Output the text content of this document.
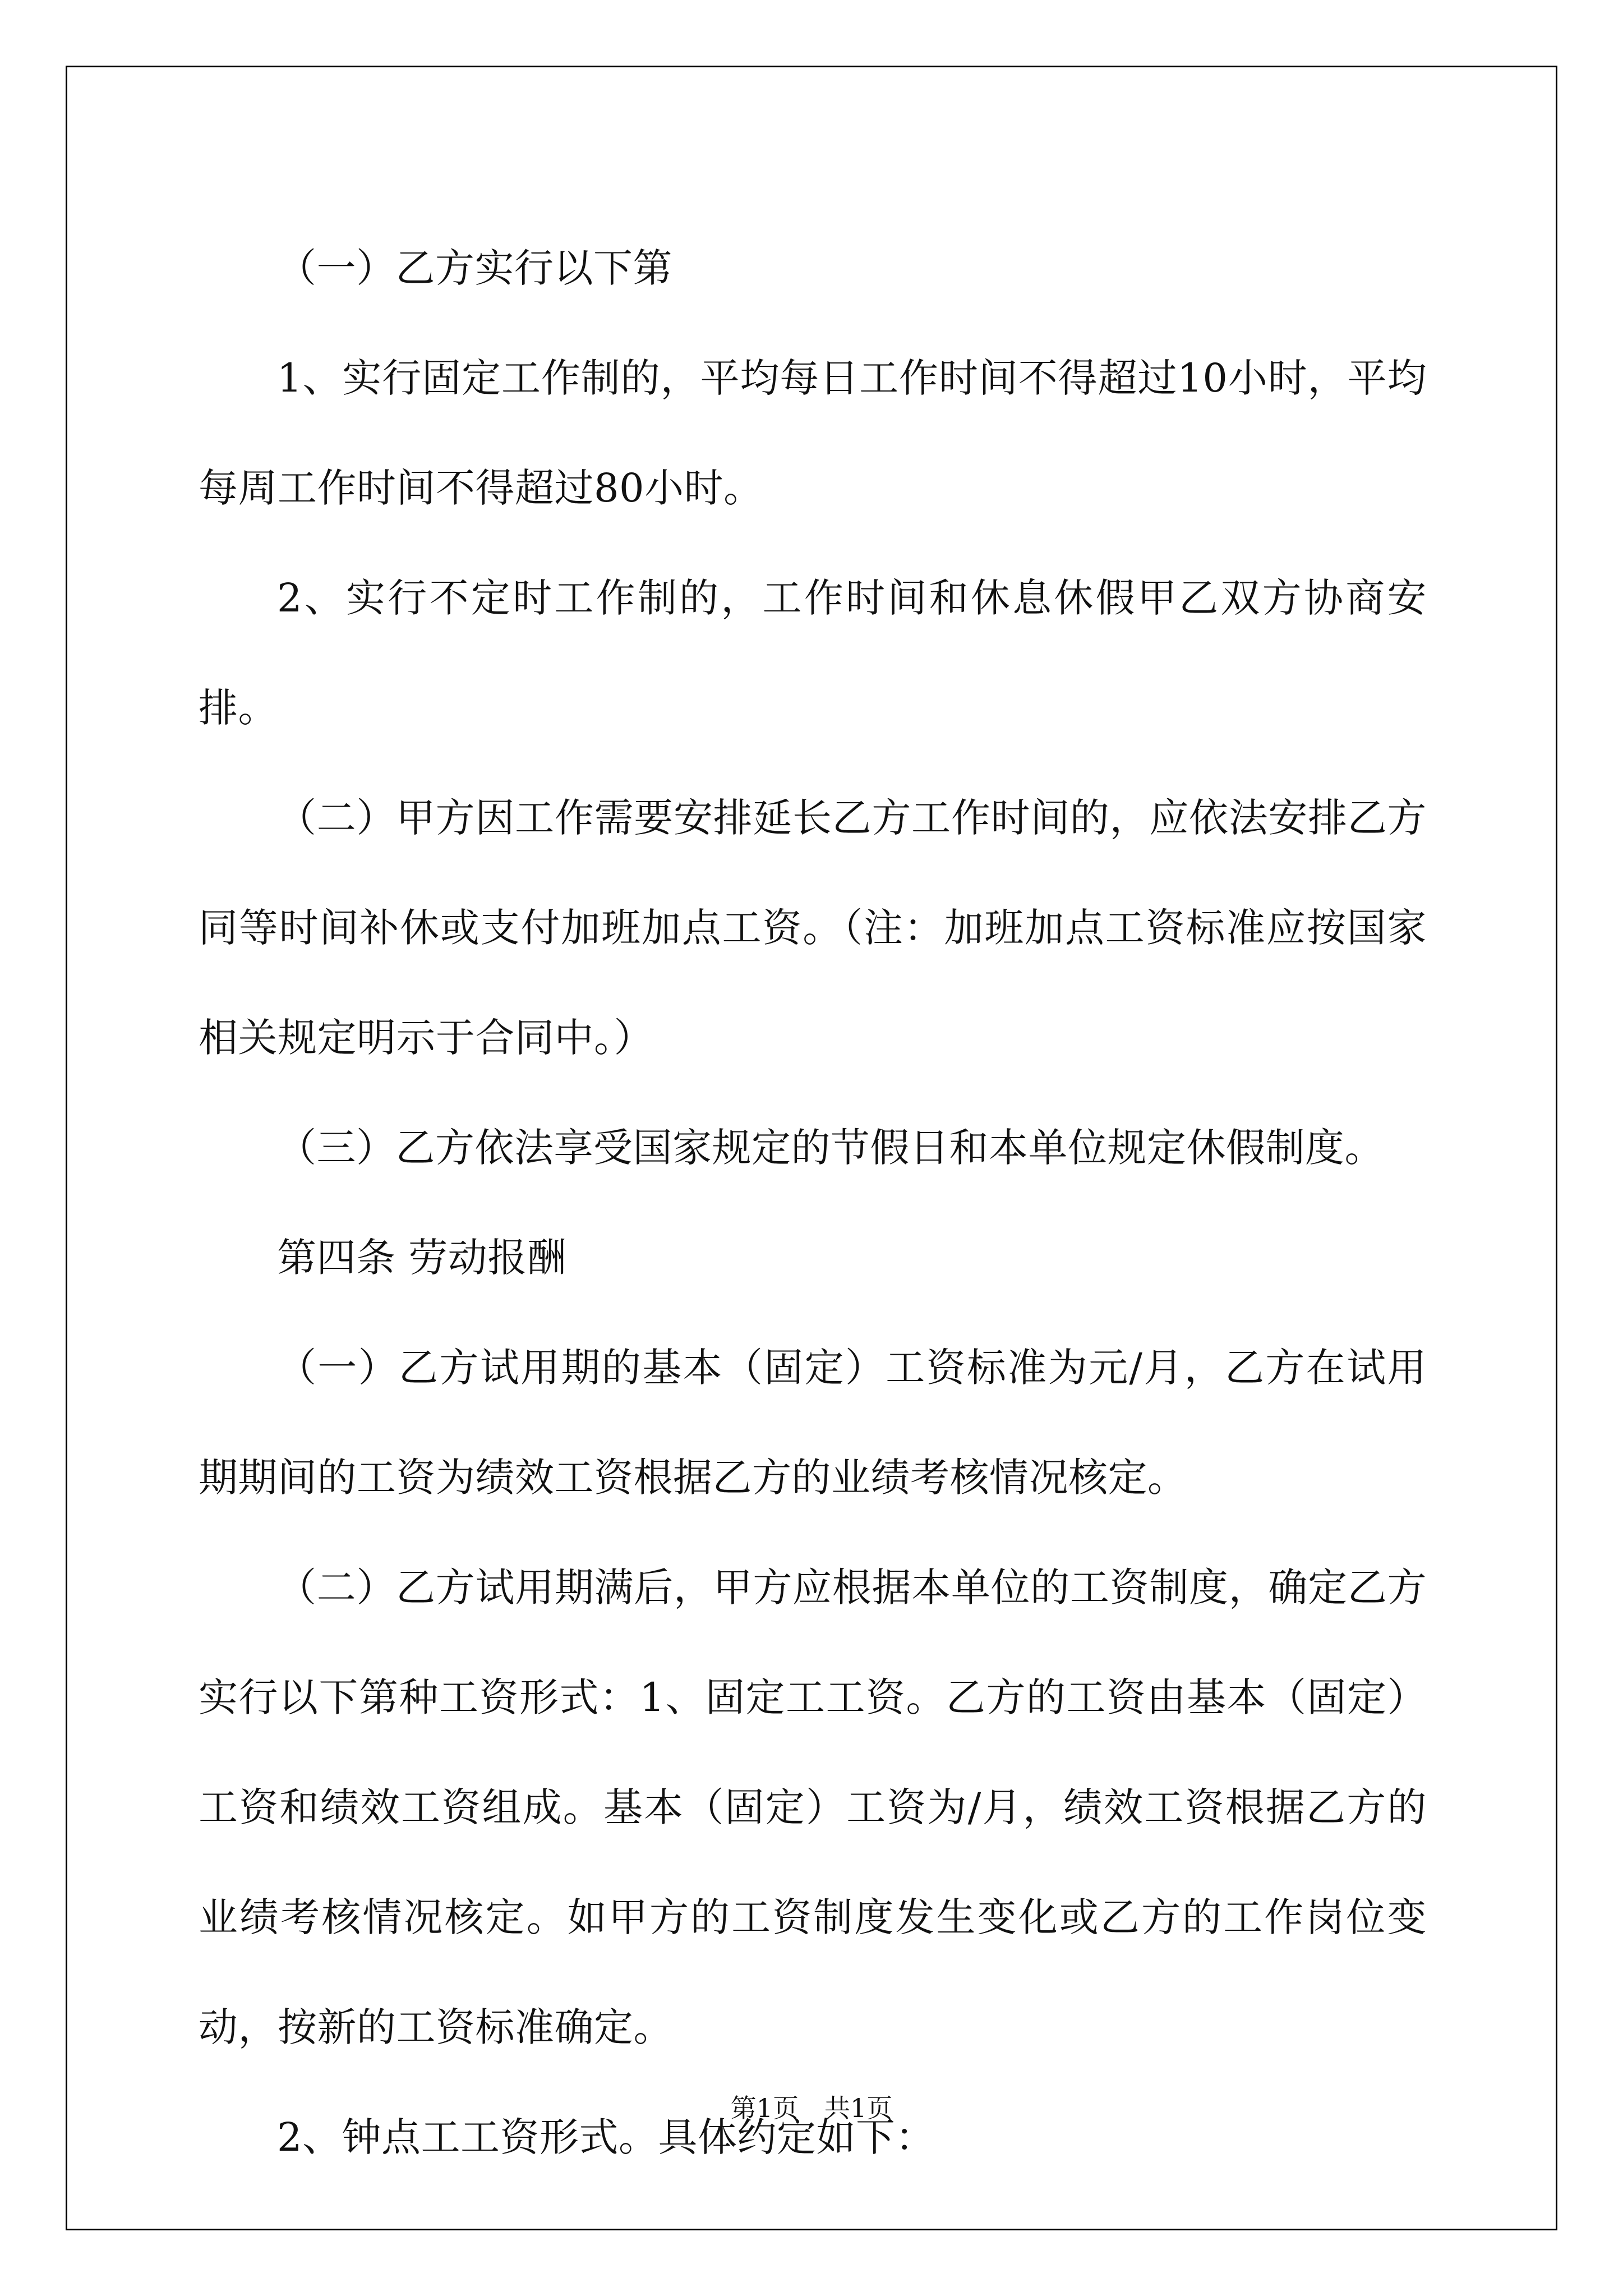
（一）乙方实行以下第

1、实行固定工作制的，平均每日工作时间不得超过10小时，平均每周工作时间不得超过80小时。

2、实行不定时工作制的，工作时间和休息休假甲乙双方协商安排。

（二）甲方因工作需要安排延长乙方工作时间的，应依法安排乙方同等时间补休或支付加班加点工资。（注：加班加点工资标准应按国家相关规定明示于合同中。）

（三）乙方依法享受国家规定的节假日和本单位规定休假制度。

第四条 劳动报酬

（一）乙方试用期的基本（固定）工资标准为元/月，乙方在试用期期间的工资为绩效工资根据乙方的业绩考核情况核定。

（二）乙方试用期满后，甲方应根据本单位的工资制度，确定乙方实行以下第种工资形式：1、固定工工资。乙方的工资由基本（固定）工资和绩效工资组成。基本（固定）工资为/月，绩效工资根据乙方的业绩考核情况核定。如甲方的工资制度发生变化或乙方的工作岗位变动，按新的工资标准确定。

2、钟点工工资形式。具体约定如下：

第1页　共1页
